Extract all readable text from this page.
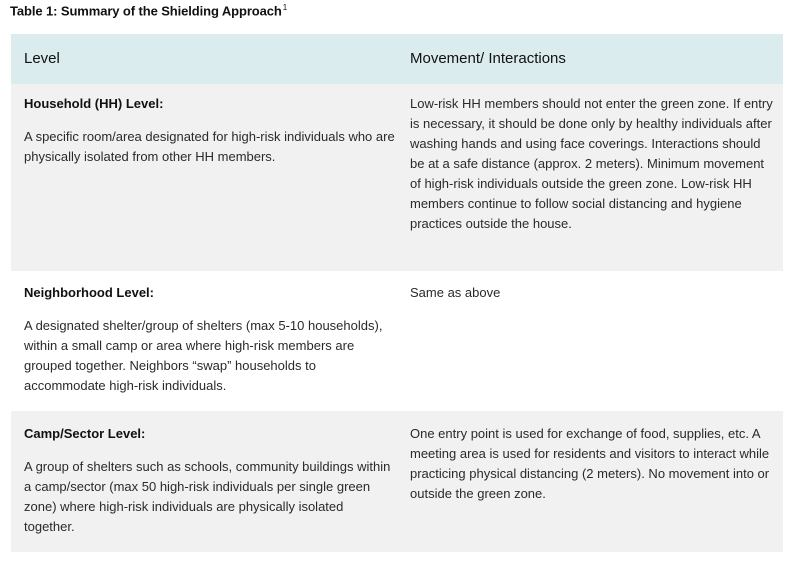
Table 1: Summary of the Shielding Approach$^1$
Level	Movement/ Interactions
Household (HH) Level:
A specific room/area designated for high-risk individuals who are physically isolated from other HH members.
Low-risk HH members should not enter the green zone. If entry is necessary, it should be done only by healthy individuals after washing hands and using face coverings. Interactions should be at a safe distance (approx. 2 meters). Minimum movement of high-risk individuals outside the green zone. Low-risk HH members continue to follow social distancing and hygiene practices outside the house.
Neighborhood Level:
A designated shelter/group of shelters (max 5-10 households), within a small camp or area where high-risk members are grouped together. Neighbors “swap” households to accommodate high-risk individuals.
Same as above
Camp/Sector Level:
A group of shelters such as schools, community buildings within a camp/sector (max 50 high-risk individuals per single green zone) where high-risk individuals are physically isolated together.
One entry point is used for exchange of food, supplies, etc. A meeting area is used for residents and visitors to interact while practicing physical distancing (2 meters). No movement into or outside the green zone.
